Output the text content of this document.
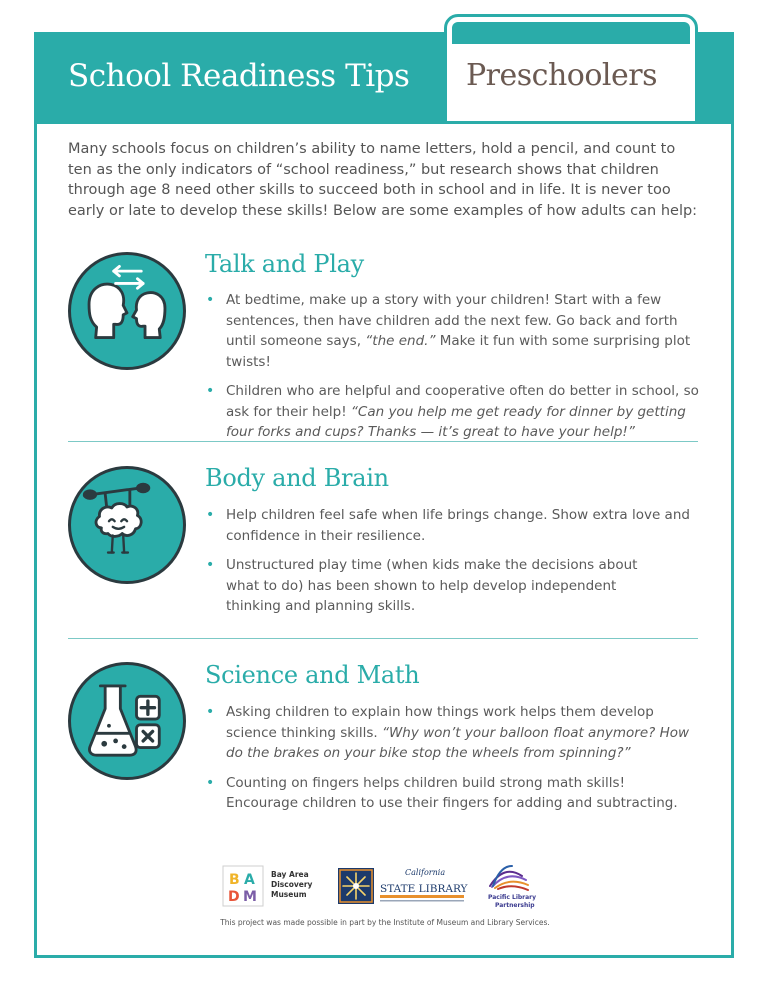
School Readiness Tips Preschoolers

Many schools focus on children’s ability to name letters, hold a pencil, and count to ten as the only indicators of “school readiness,” but research shows that children through age 8 need other skills to succeed both in school and in life. It is never too early or late to develop these skills! Below are some examples of how adults can help:

Talk and Play
• At bedtime, make up a story with your children! Start with a few sentences, then have children add the next few. Go back and forth until someone says, “the end.” Make it fun with some surprising plot twists!
• Children who are helpful and cooperative often do better in school, so ask for their help! “Can you help me get ready for dinner by getting four forks and cups? Thanks — it’s great to have your help!”
Body and Brain
• Help children feel safe when life brings change. Show extra love and confidence in their resilience.
• Unstructured play time (when kids make the decisions about what to do) has been shown to help develop independent thinking and planning skills.
Science and Math
• Asking children to explain how things work helps them develop science thinking skills. “Why won’t your balloon float anymore? How do the brakes on your bike stop the wheels from spinning?”
• Counting on fingers helps children build strong math skills! Encourage children to use their fingers for adding and subtracting.
B A
D M
Bay Area
Discovery
Museum
California
STATE LIBRARY
Pacific Library
Partnership
This project was made possible in part by the Institute of Museum and Library Services.
